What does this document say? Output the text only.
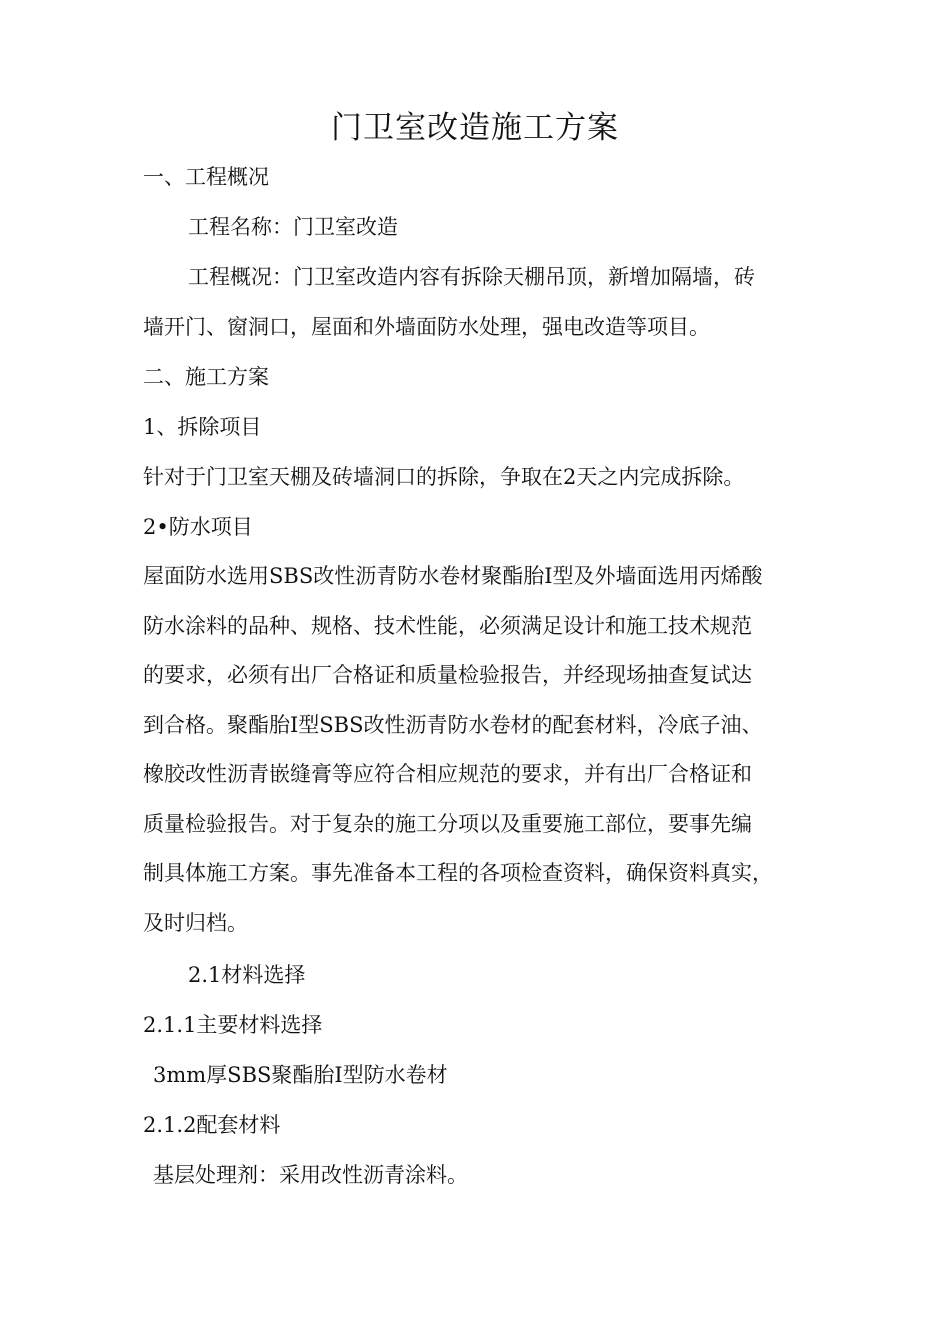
门卫室改造施工方案

一、工程概况

工程名称：门卫室改造

工程概况：门卫室改造内容有拆除天棚吊顶，新增加隔墙，砖

墙开门、窗洞口，屋面和外墙面防水处理，强电改造等项目。

二、施工方案

1、拆除项目

针对于门卫室天棚及砖墙洞口的拆除，争取在2天之内完成拆除。

2•防水项目

屋面防水选用SBS改性沥青防水卷材聚酯胎I型及外墙面选用丙烯酸
防水涂料的品种、规格、技术性能，必须满足设计和施工技术规范
的要求，必须有出厂合格证和质量检验报告，并经现场抽查复试达
到合格。聚酯胎I型SBS改性沥青防水卷材的配套材料，冷底子油、
橡胶改性沥青嵌缝膏等应符合相应规范的要求，并有出厂合格证和
质量检验报告。对于复杂的施工分项以及重要施工部位，要事先编
制具体施工方案。事先准备本工程的各项检查资料，确保资料真实，
及时归档。

2.1材料选择

2.1.1主要材料选择

3mm厚SBS聚酯胎I型防水卷材

2.1.2配套材料

基层处理剂：采用改性沥青涂料。
